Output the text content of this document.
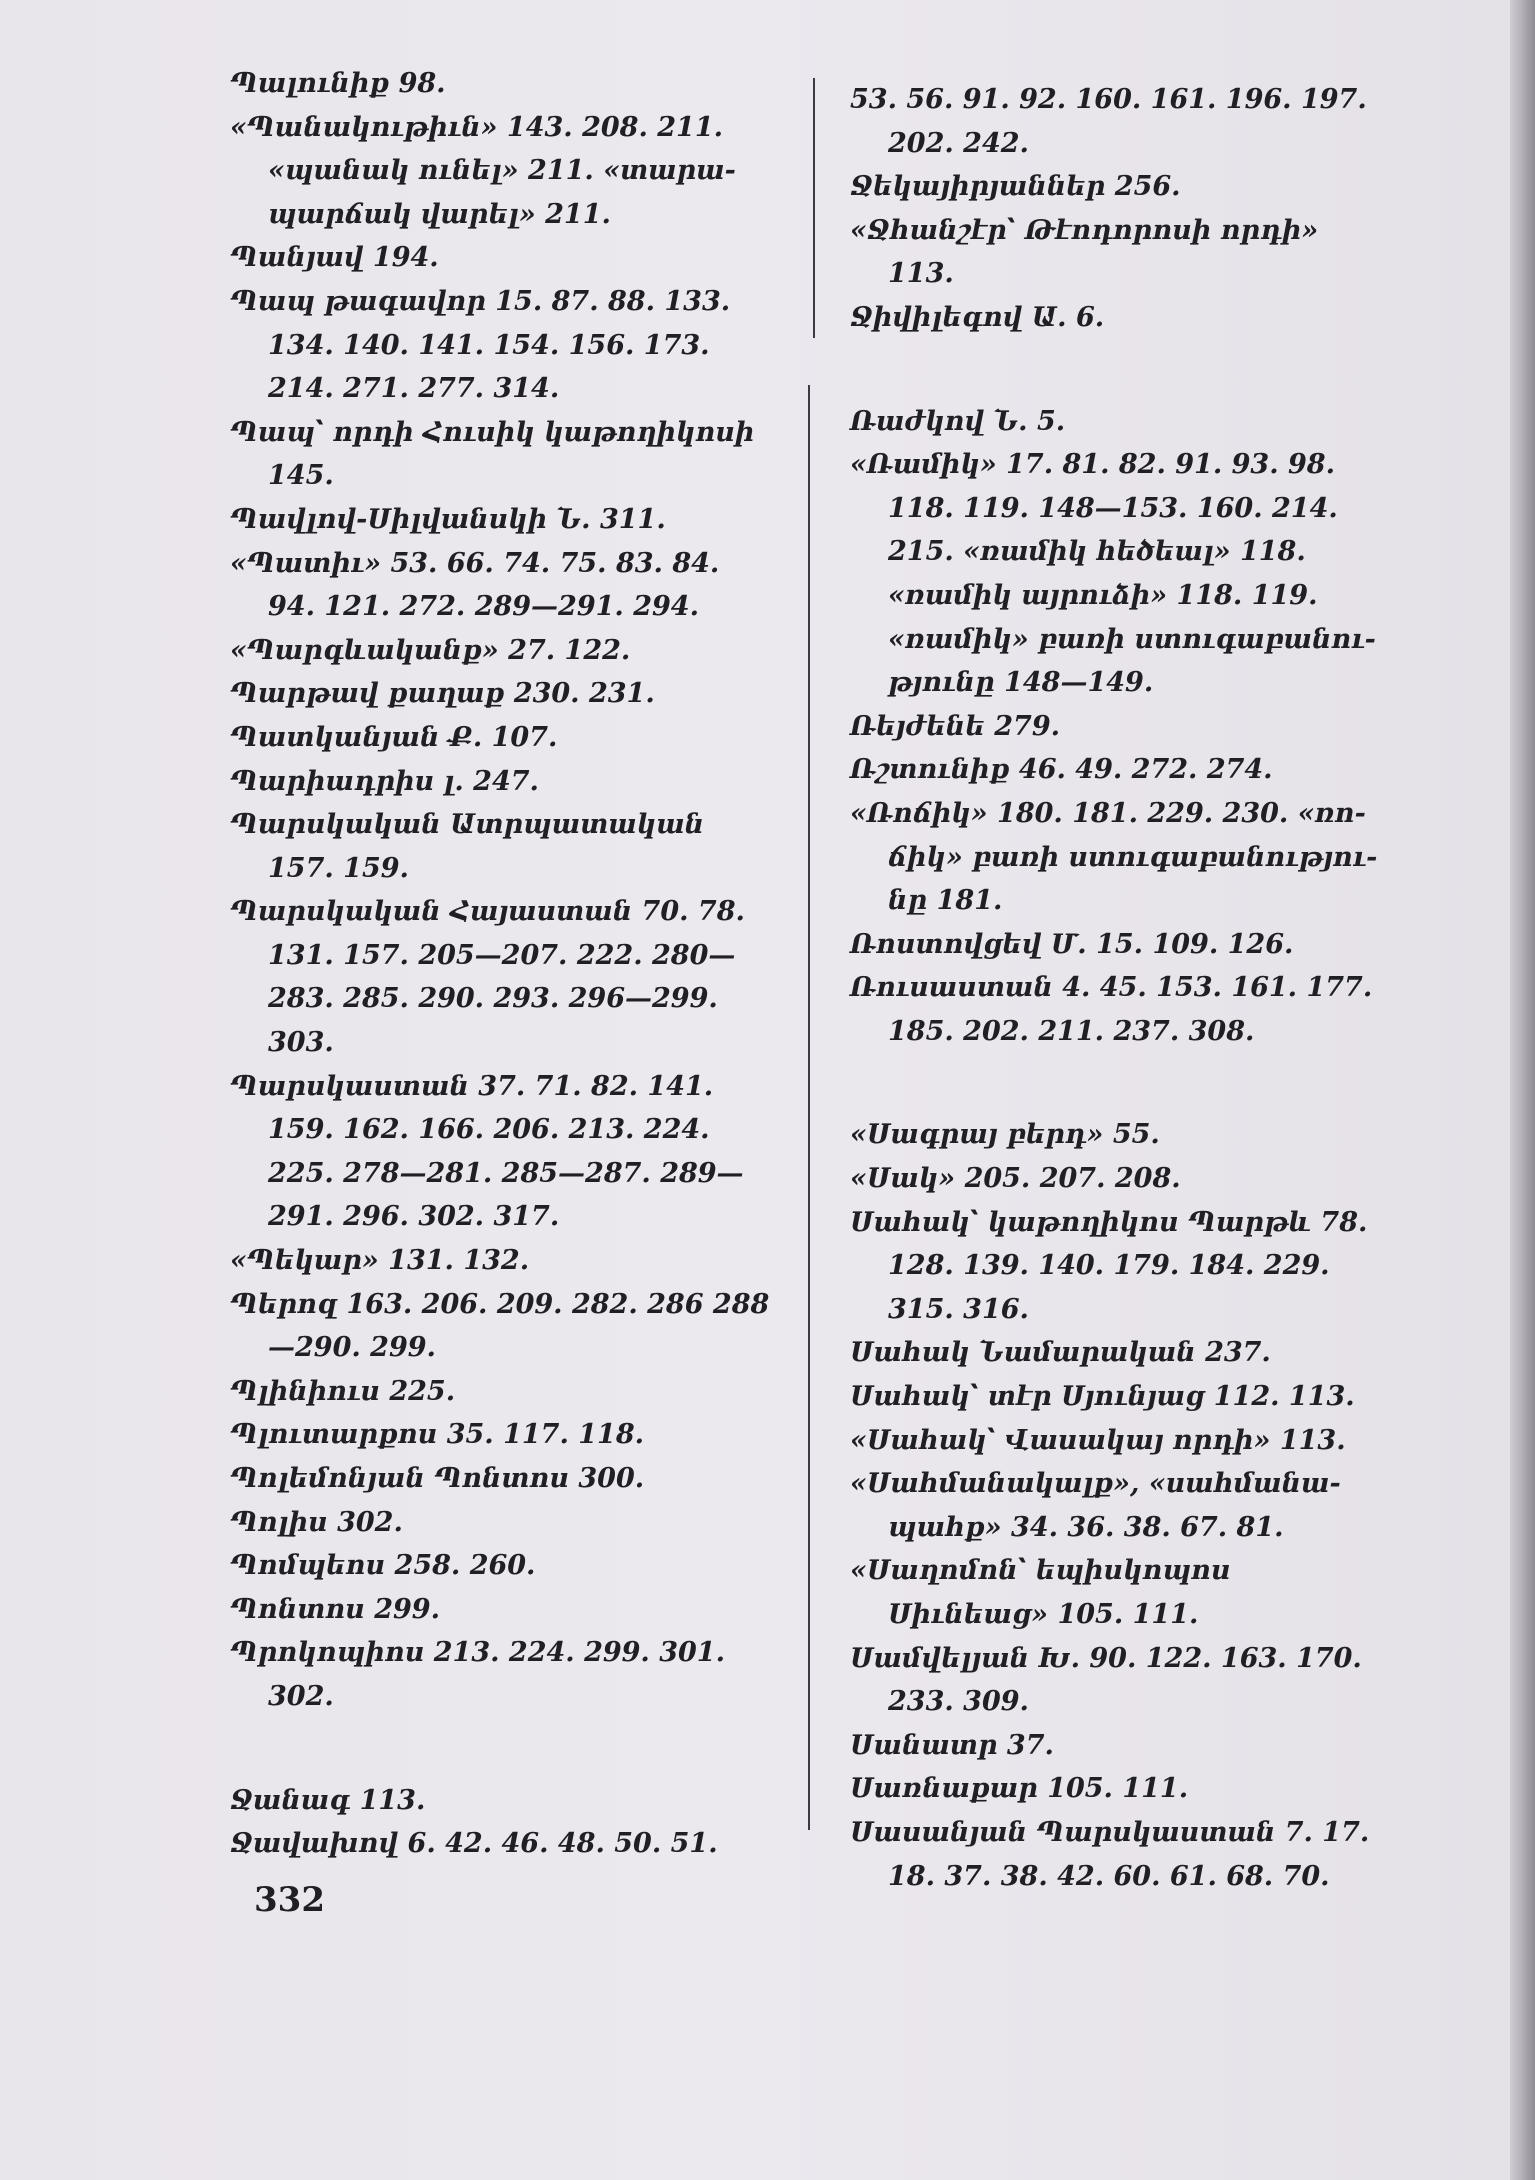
Պալունիք 98.

«Պանակութիւն» 143. 208. 211. «պանակ ունել» 211. «տարա-պարճակ վարել» 211.

Պանյավ 194.

Պապ թագավոր 15. 87. 88. 133. 134. 140. 141. 154. 156. 173. 214. 271. 277. 314.

Պապ՝ որդի Հուսիկ կաթողիկոսի 145.

Պավլով-Սիլվանսկի Ն. 311.

«Պատիւ» 53. 66. 74. 75. 83. 84. 94. 121. 272. 289—291. 294.

«Պարգևականք» 27. 122.

Պարթավ քաղաք 230. 231.

Պատկանյան Ք. 107.

Պարիադրիս լ. 247.

Պարսկական Ատրպատական 157. 159.

Պարսկական Հայաստան 70. 78. 131. 157. 205—207. 222. 280—283. 285. 290. 293. 296—299. 303.

Պարսկաստան 37. 71. 82. 141. 159. 162. 166. 206. 213. 224. 225. 278—281. 285—287. 289—291. 296. 302. 317.

«Պեկար» 131. 132.

Պերոզ 163. 206. 209. 282. 286 288—290. 299.

Պլինիուս 225.

Պլուտարքոս 35. 117. 118.

Պոլեմոնյան Պոնտոս 300.

Պոլիս 302.

Պոմպեոս 258. 260.

Պոնտոս 299.

Պրոկոպիոս 213. 224. 299. 301. 302.

Ջանագ 113.

Ջավախով 6. 42. 46. 48. 50. 51.

53. 56. 91. 92. 160. 161. 196. 197. 202. 242.

Ջեկայիրյաններ 256.

«Ջհանշէր՝ Թէոդորոսի որդի» 113.

Ջիվիլեգով Ա. 6.

Ռաժկով Ն. 5.

«Ռամիկ» 17. 81. 82. 91. 93. 98. 118. 119. 148—153. 160. 214. 215. «ռամիկ հեծեալ» 118. «ռամիկ այրուձի» 118. 119. «ռամիկ» բառի ստուգաբանու-թյունը 148—149.

Ռեյժենե 279.

Ռշտունիք 46. 49. 272. 274.

«Ռոճիկ» 180. 181. 229. 230. «ռո-ճիկ» բառի ստուգաբանությու-նը 181.

Ռոստովցեվ Մ. 15. 109. 126.

Ռուսաստան 4. 45. 153. 161. 177. 185. 202. 211. 237. 308.

«Սագրայ բերդ» 55.

«Սակ» 205. 207. 208.

Սահակ՝ կաթողիկոս Պարթև 78. 128. 139. 140. 179. 184. 229. 315. 316.

Սահակ Նամարական 237.

Սահակ՝ տէր Սյունյաց 112. 113.

«Սահակ՝ Վասակայ որդի» 113.

«Սահմանակալք», «սահմանա-պահք» 34. 36. 38. 67. 81.

«Սաղոմոն՝ եպիսկոպոս Սիւնեաց» 105. 111.

Սամվելյան Խ. 90. 122. 163. 170. 233. 309.

Սանատր 37.

Սառնաքար 105. 111.

Սասանյան Պարսկաստան 7. 17. 18. 37. 38. 42. 60. 61. 68. 70.

332
